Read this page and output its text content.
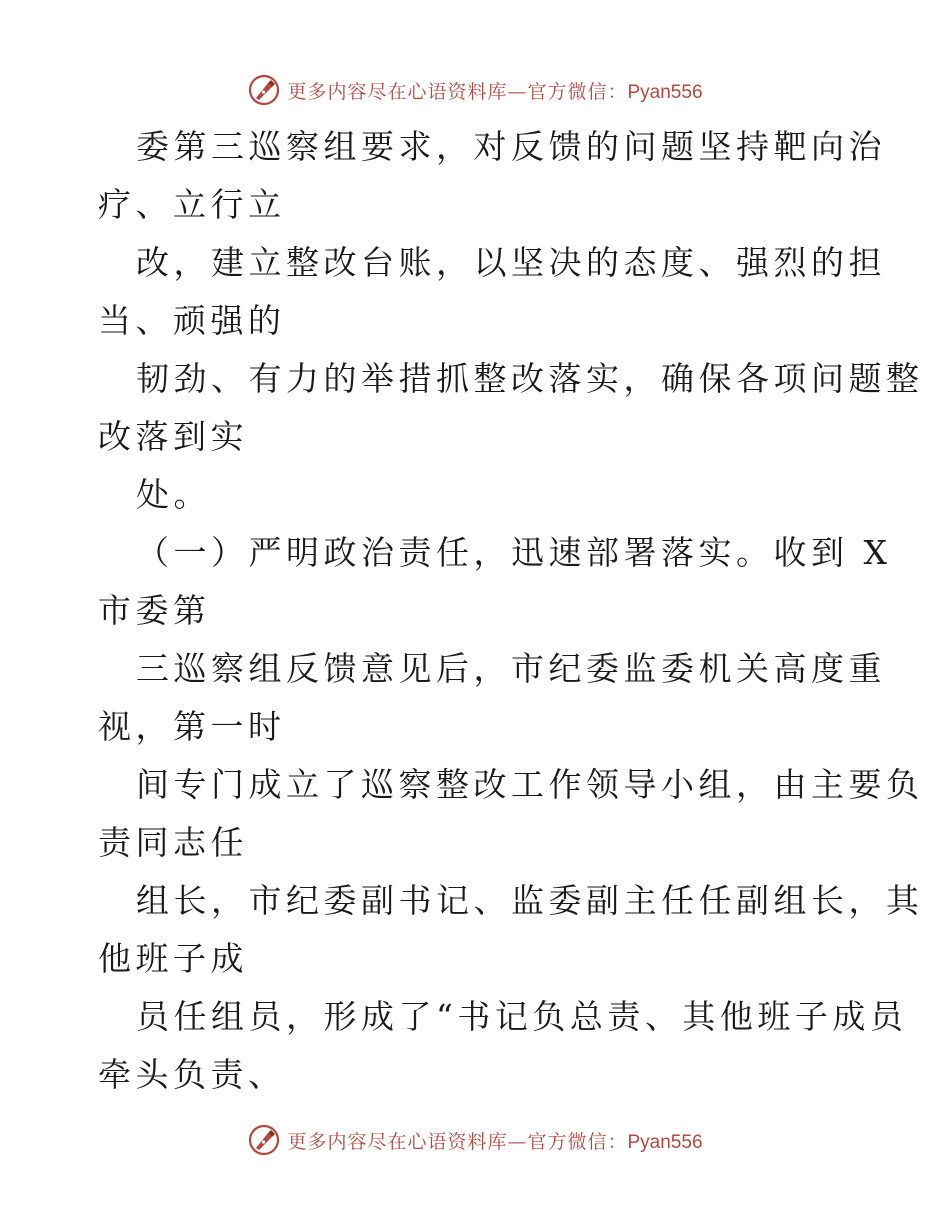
更多内容尽在心语资料库—官方微信：Pyan556
委第三巡察组要求，对反馈的问题坚持靶向治
疗、立行立
改，建立整改台账，以坚决的态度、强烈的担
当、顽强的
韧劲、有力的举措抓整改落实，确保各项问题整
改落到实
处。
（一）严明政治责任，迅速部署落实。收到 X
市委第
三巡察组反馈意见后，市纪委监委机关高度重
视，第一时
间专门成立了巡察整改工作领导小组，由主要负
责同志任
组长，市纪委副书记、监委副主任任副组长，其
他班子成
员任组员，形成了“书记负总责、其他班子成员
牵头负责、
更多内容尽在心语资料库—官方微信：Pyan556
